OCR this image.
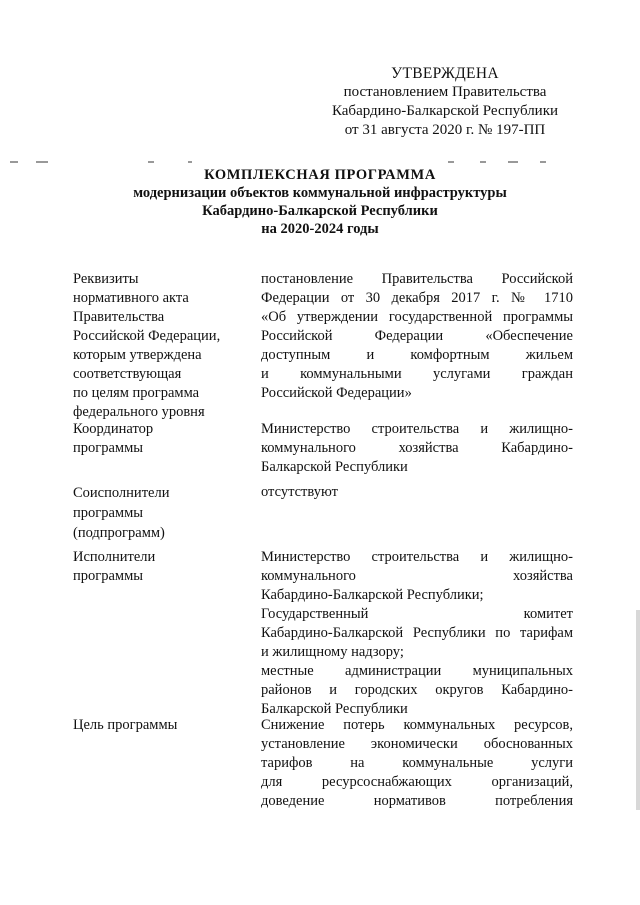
УТВЕРЖДЕНА
постановлением Правительства
Кабардино-Балкарской Республики
от 31 августа 2020 г. № 197-ПП
КОМПЛЕКСНАЯ ПРОГРАММА
модернизации объектов коммунальной инфраструктуры
Кабардино-Балкарской Республики
на 2020-2024 годы
Реквизиты
нормативного акта
Правительства
Российской Федерации,
которым утверждена
соответствующая
по целям программа
федерального уровня
постановление Правительства Российской
Федерации от 30 декабря 2017 г. № 1710
«Об утверждении государственной программы
Российской Федерации «Обеспечение
доступным и комфортным жильем
и коммунальными услугами граждан
Российской Федерации»
Координатор
программы
Министерство строительства и жилищно-
коммунального хозяйства Кабардино-
Балкарской Республики
Соисполнители
программы
(подпрограмм)
отсутствуют
Исполнители
программы
Министерство строительства и жилищно-
коммунального хозяйства
Кабардино-Балкарской Республики;
Государственный комитет
Кабардино-Балкарской Республики по тарифам
и жилищному надзору;
местные администрации муниципальных
районов и городских округов Кабардино-
Балкарской Республики
Цель программы	Снижение потерь коммунальных ресурсов,
установление экономически обоснованных
тарифов на коммунальные услуги
для ресурсоснабжающих организаций,
доведение нормативов потребления
